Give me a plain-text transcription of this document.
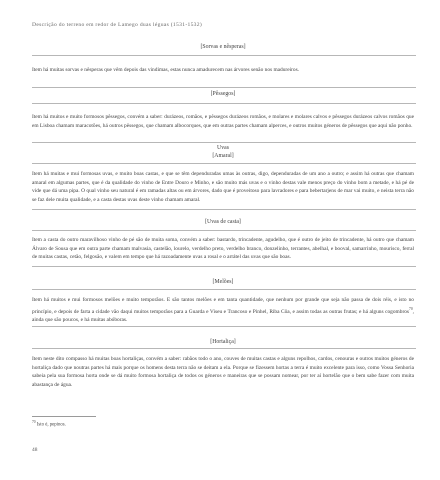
Descrição do terreno em redor de Lamego duas léguas (1531-1532)
[Sorvas e nêsperas]
Item há muitas sorvas e nêsperas que vêm depois das vindimas, estas nunca amadurecem nas árvores senão nos madureiros.
[Pêssegos]
Item há muitos e muito formosos pêssegos, convém a saber: durázeos, romãos, e pêssegos durázeos romãos, e molares e molares calvos e pêssegos durázeos calvos romãos que em Lisboa chamam maracotões, há outros pêssegos, que chamam albocorques, que em outras partes chamam alperces, e outros muitos géneros de pêssegos que aqui não ponho.
Uvas
[Amaral]
Item há muitas e mui formosas uvas, e muito boas castas, e que se têm dependuradas umas às outras, digo, dependuradas de um ano a outro; e assim há outras que chamam amaral em algumas partes, que é da qualidade do vinho de Entre Douro e Minho, e são muito más uvas e o vinho destas vale menos preço do vinho bom a metade, e há pé de vide que dá uma pipa. O qual vinho seu natural é em ramadas altas ou em árvores, dado que é proveitoso para lavradores e para bebertarjens de mar vai muito, e neista terra não se faz dele muita qualidade, e a casta destas uvas deste vinho chamam amaral.
[Uvas de casta]
Item a casta do outro maravilhoso vinho de pé são de muita soma, convém a saber: bastardo, trincadente, agudelho, que é outro de jeito de trincadente, há outro que chamam Álvaro de Sousa que em outra parte chamam malvasia, castelão, lourelo, verdelho preto, verdelho branco, donzelinho, terrantes, abelhal, e booval, samarrinho, mourisco, ferral de muitas castas, cetão, felgosão, e valem em tempo que há razoadamente uvas a rosal e o arrátel das uvas que são boas.
[Melões]
Item há muitos e mui formosos melões e muito temporãos. E são tantos melões e em tanta quantidade, que nenhum por grande que seja não passa de dois réis, e isto no princípio, e depois de farta a cidade vão daqui muitos temporãos para a Guarda e Viseu e Trancoso e Pinhel, Riba Côa, e assim todas as outras frutas; e há alguns cogombros$^{70}$, ainda que são poucos, e há muitas abóboras.
[Hortaliça]
Item neste dito compasso há muitas boas hortaliças, convém a saber: rabãos todo o ano, couves de muitas castas e alguns repolhos, cardos, cenouras e outros muitos géneros de hortaliça dado que noutras partes há mais porque os homens desta terra não se deitam a ela. Porque se fizessem hortas a terra é muito excelente para isso, como Vossa Senhoria sabeia pela sua formosa horta onde se dá muito formosa hortaliça de todos os géneros e maneiras que se possam nomear, por ter aí hortelão que o bem sabe fazer com muita abastança de água.
$^{70}$ Isto é, pepinos.
48
